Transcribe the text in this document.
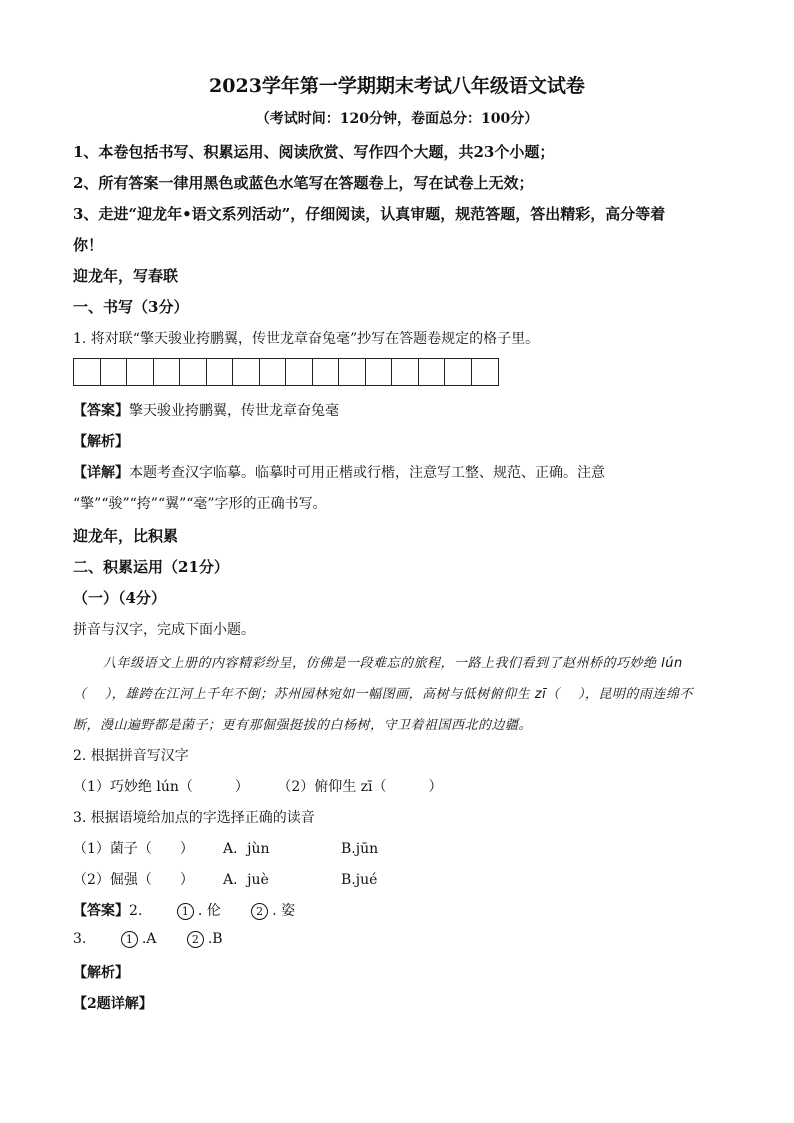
2023学年第一学期期末考试八年级语文试卷
（考试时间：120分钟，卷面总分：100分）
1、本卷包括书写、积累运用、阅读欣赏、写作四个大题，共23个小题；
2、所有答案一律用黑色或蓝色水笔写在答题卷上，写在试卷上无效；
3、走进“迎龙年•语文系列活动”，仔细阅读，认真审题，规范答题，答出精彩，高分等着
你！
迎龙年，写春联
一、书写（3分）
1. 将对联“擎天骏业挎鹏翼，传世龙章奋兔毫”抄写在答题卷规定的格子里。
【答案】擎天骏业挎鹏翼，传世龙章奋兔毫
【解析】
【详解】本题考查汉字临摹。临摹时可用正楷或行楷，注意写工整、规范、正确。注意
“擎”“骏”“挎”“翼”“毫”字形的正确书写。
迎龙年，比积累
二、积累运用（21分）
（一）（4分）
拼音与汉字，完成下面小题。
八年级语文上册的内容精彩纷呈，仿佛是一段难忘的旅程，一路上我们看到了赵州桥的巧妙绝 lún
（　 ），雄跨在江河上千年不倒；苏州园林宛如一幅图画，高树与低树俯仰生 zī（　 ），昆明的雨连绵不
断，漫山遍野都是菌子；更有那倔强挺拔的白杨树，守卫着祖国西北的边疆。
2. 根据拼音写汉字
（1）巧妙绝 lún（　　　） （2）俯仰生 zī（　　　）
3. 根据语境给加点的字选择正确的读音
（1）菌子（　　） A．jùn	B.jūn
（2）倔强（　　） A．juè	B.jué
【答案】2.	1 . 伦	2 . 姿
3.	1 .A	2 .B
【解析】
【2题详解】
